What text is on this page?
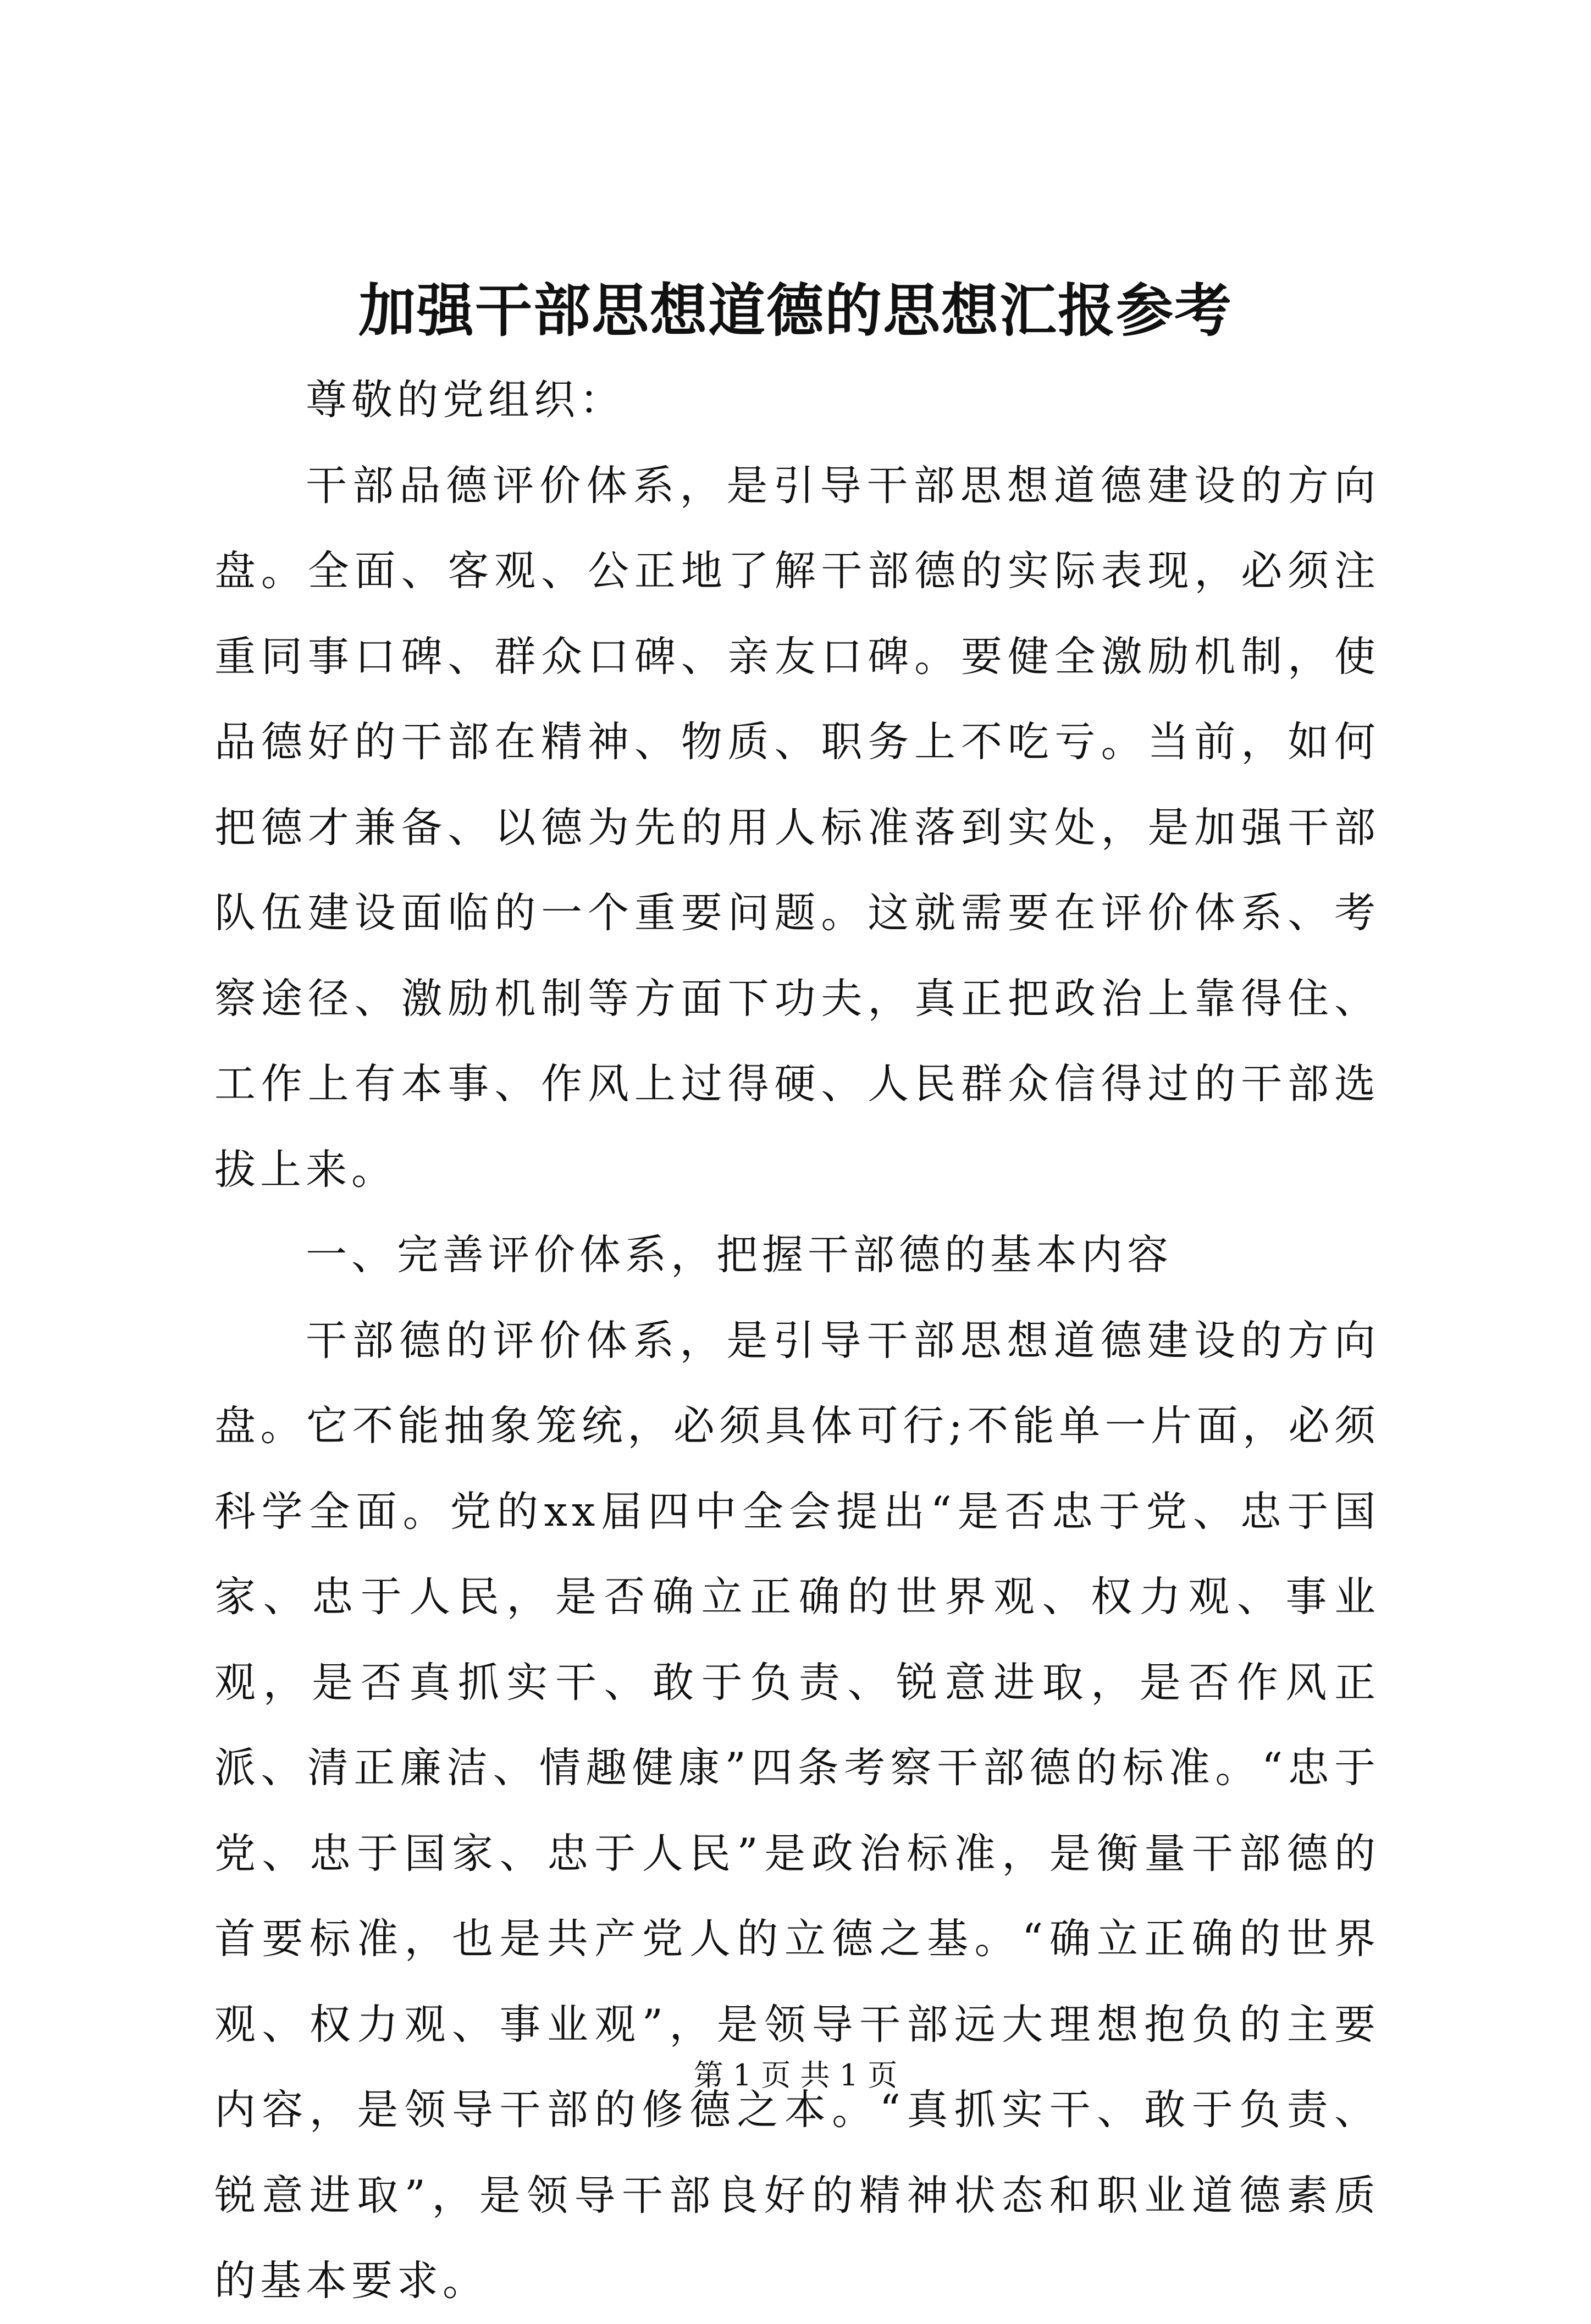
加强干部思想道德的思想汇报参考

尊敬的党组织：

干部品德评价体系，是引导干部思想道德建设的方向盘。全面、客观、公正地了解干部德的实际表现，必须注重同事口碑、群众口碑、亲友口碑。要健全激励机制，使品德好的干部在精神、物质、职务上不吃亏。当前，如何把德才兼备、以德为先的用人标准落到实处，是加强干部队伍建设面临的一个重要问题。这就需要在评价体系、考察途径、激励机制等方面下功夫，真正把政治上靠得住、工作上有本事、作风上过得硬、人民群众信得过的干部选拔上来。

一、完善评价体系，把握干部德的基本内容

干部德的评价体系，是引导干部思想道德建设的方向盘。它不能抽象笼统，必须具体可行;不能单一片面，必须科学全面。党的xx届四中全会提出“是否忠于党、忠于国家、忠于人民，是否确立正确的世界观、权力观、事业观，是否真抓实干、敢于负责、锐意进取，是否作风正派、清正廉洁、情趣健康”四条考察干部德的标准。“忠于党、忠于国家、忠于人民”是政治标准，是衡量干部德的首要标准，也是共产党人的立德之基。“确立正确的世界观、权力观、事业观”，是领导干部远大理想抱负的主要内容，是领导干部的修德之本。“真抓实干、敢于负责、锐意进取”，是领导干部良好的精神状态和职业道德素质的基本要求。

第 1 页 共 1 页
